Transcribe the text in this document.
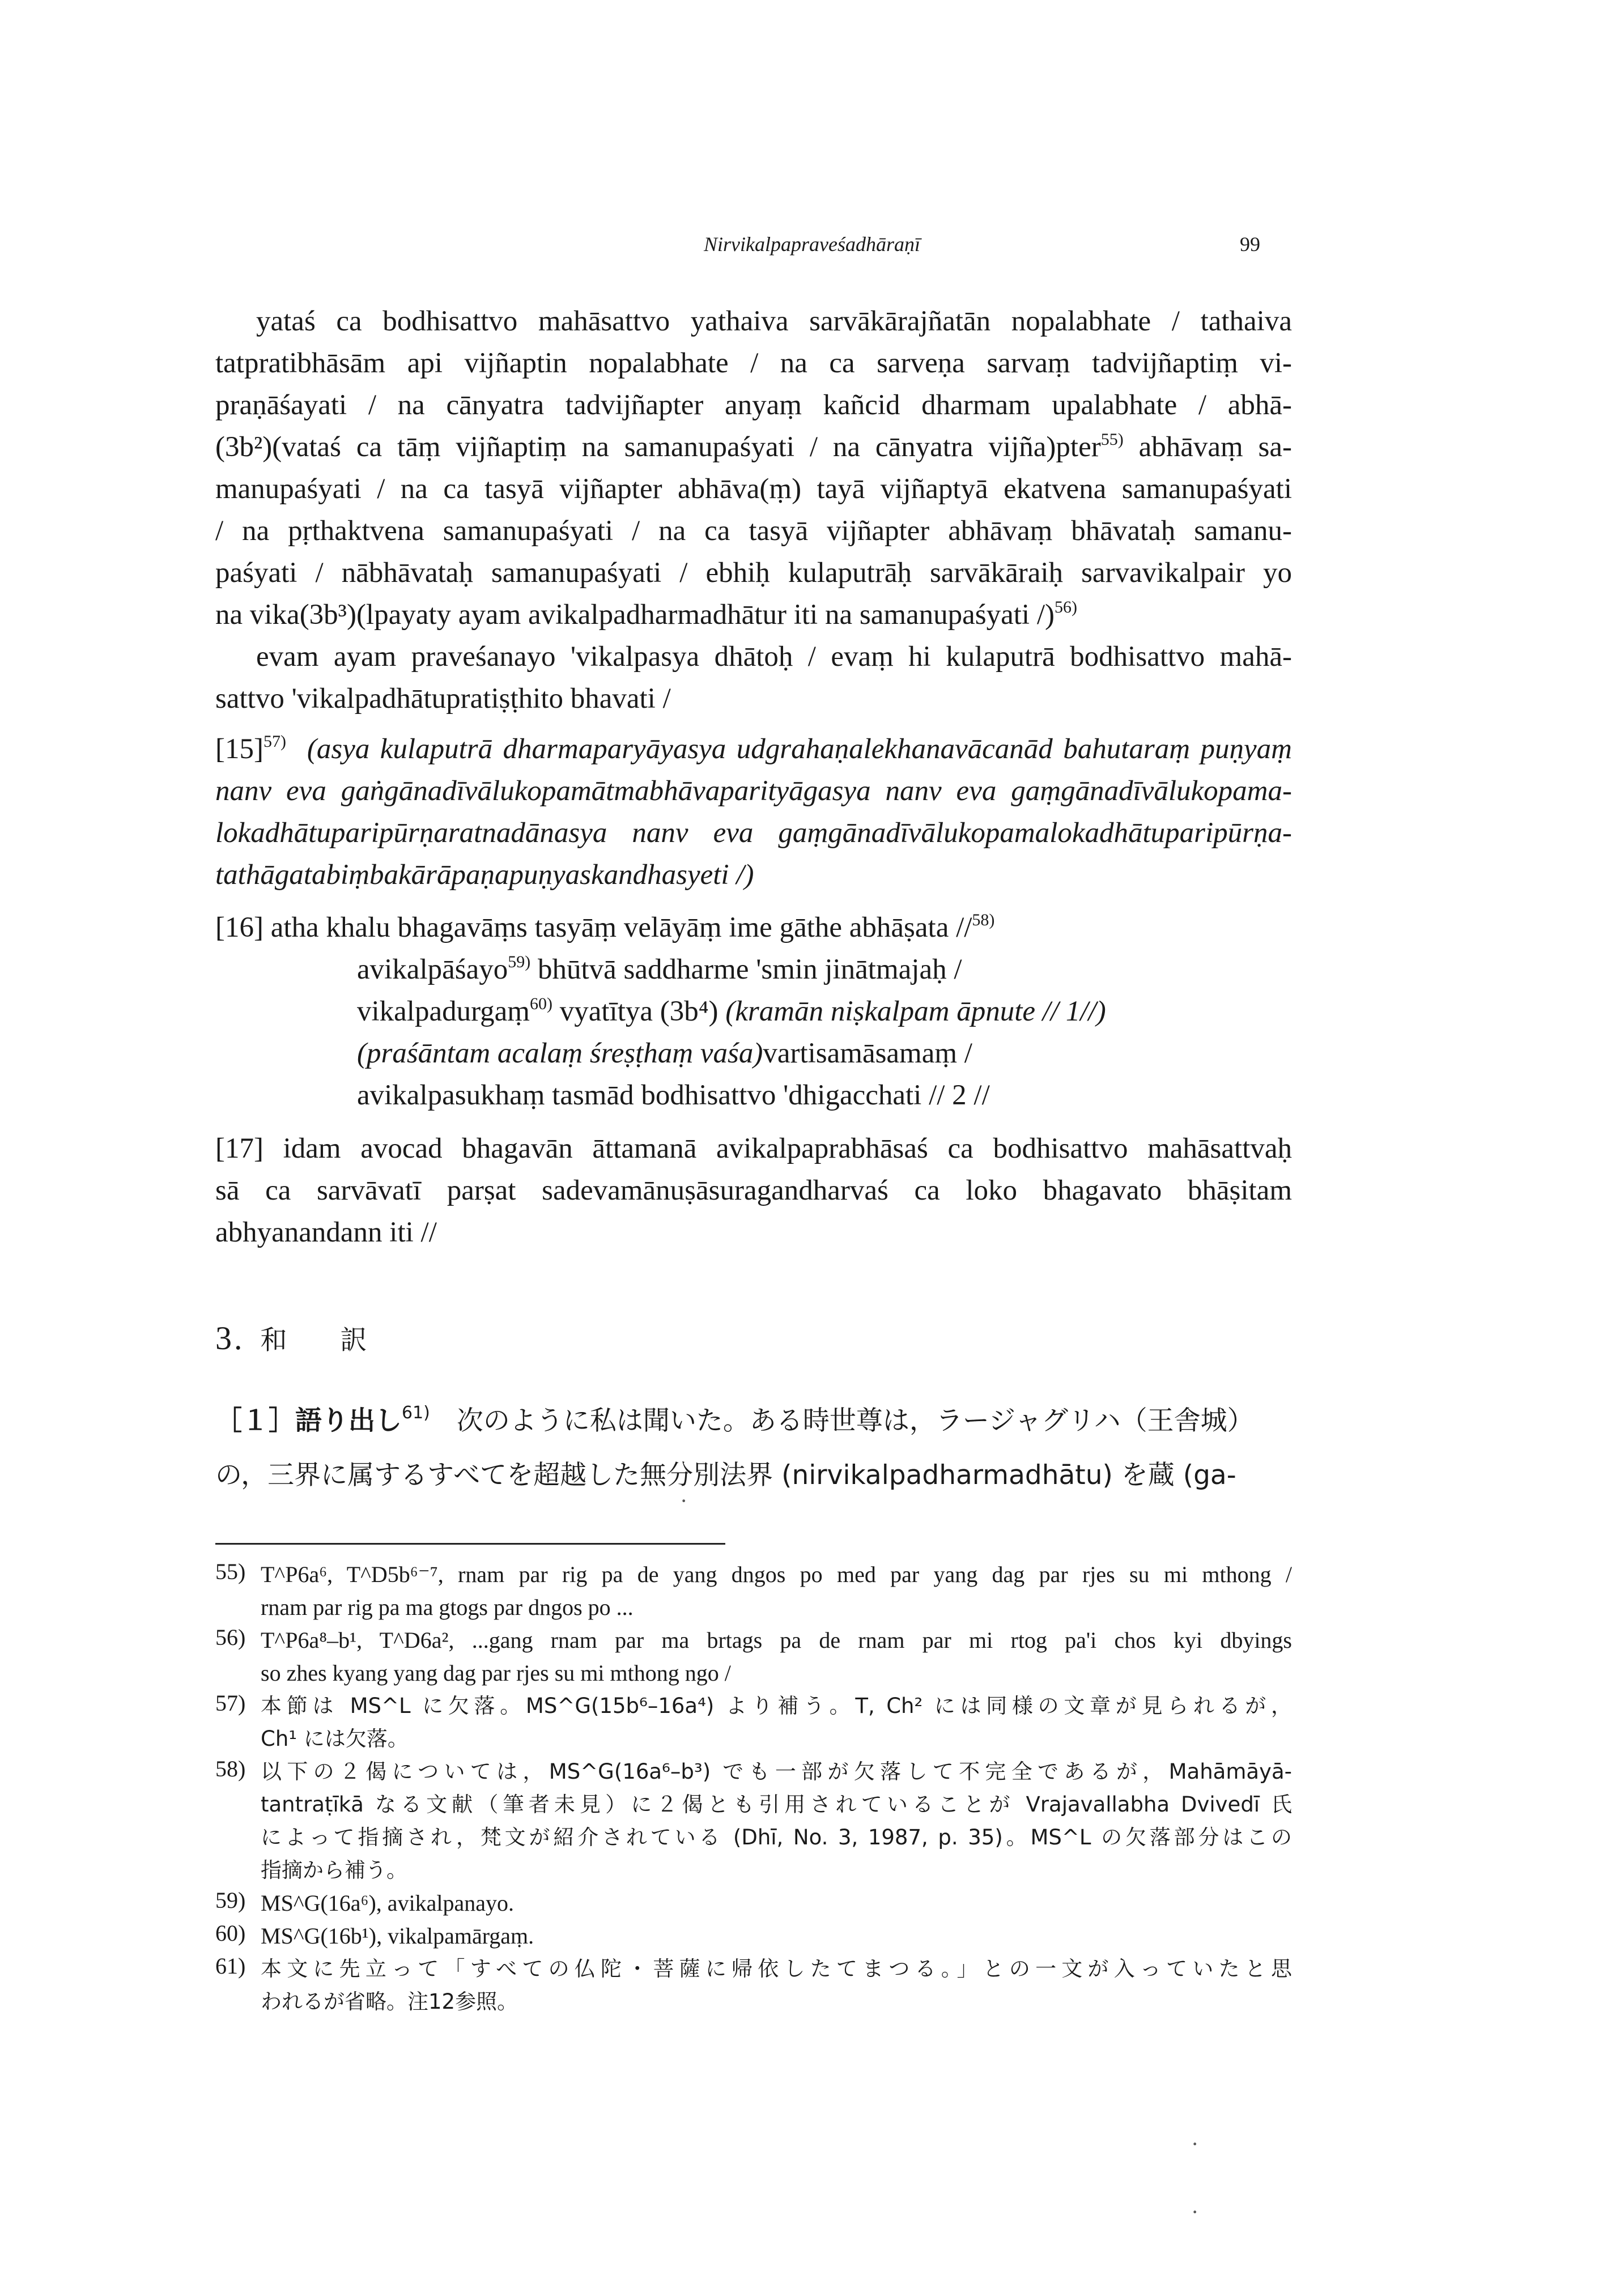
Nirvikalpapraveśadhāraṇī	99
yataś ca bodhisattvo mahāsattvo yathaiva sarvākārajñatān nopalabhate / tathaiva
tatpratibhāsām api vijñaptin nopalabhate / na ca sarveṇa sarvaṃ tadvijñaptiṃ vi-
praṇāśayati / na cānyatra tadvijñapter anyaṃ kañcid dharmam upalabhate / abhā-
(3b²)(vataś ca tāṃ vijñaptiṃ na samanupaśyati / na cānyatra vijña)pter$^{55)}$ abhāvaṃ sa-
manupaśyati / na ca tasyā vijñapter abhāva(ṃ) tayā vijñaptyā ekatvena samanupaśyati
/ na pṛthaktvena samanupaśyati / na ca tasyā vijñapter abhāvaṃ bhāvataḥ samanu-
paśyati / nābhāvataḥ samanupaśyati / ebhiḥ kulaputrāḥ sarvākāraiḥ sarvavikalpair yo
na vika(3b³)(lpayaty ayam avikalpadharmadhātur iti na samanupaśyati /)$^{56)}$
evam ayam praveśanayo 'vikalpasya dhātoḥ / evaṃ hi kulaputrā bodhisattvo mahā-
sattvo 'vikalpadhātupratiṣṭhito bhavati /
$[15]^{57)}$ (asya kulaputrā dharmaparyāyasya udgrahaṇalekhanavācanād bahutaraṃ puṇyaṃ
nanv eva gaṅgānadīvālukopamātmabhāvaparityāgasya nanv eva gaṃgānadīvālukopama-
lokadhātuparipūrṇaratnadānasya nanv eva gaṃgānadīvālukopamalokadhātuparipūrṇa-
tathāgatabiṃbakārāpaṇapuṇyaskandhasyeti /)
[16] atha khalu bhagavāṃs tasyāṃ velāyāṃ ime gāthe abhāṣata //$^{58)}$
avikalpāśayo$^{59)}$ bhūtvā saddharme 'smin jinātmajaḥ /
vikalpadurgaṃ$^{60)}$ vyatītya (3b⁴) (kramān niṣkalpam āpnute // 1//)
(praśāntam acalaṃ śreṣṭhaṃ vaśa)vartisamāsamaṃ /
avikalpasukhaṃ tasmād bodhisattvo 'dhigacchati // 2 //
[17] idam avocad bhagavān āttamanā avikalpaprabhāsaś ca bodhisattvo mahāsattvaḥ
sā ca sarvāvatī parṣat sadevamānuṣāsuragandharvaś ca loko bhagavato bhāṣitam
abhyanandann iti //
3. 和 訳
［１］語り出し$^{61)}$　次のように私は聞いた。ある時世尊は，ラージャグリハ（王舎城）
の，三界に属するすべてを超越した無分別法界 (nirvikalpadharmadhātu) を蔵 (ga-
·
55) T^P6a⁶, T^D5b⁶⁻⁷, rnam par rig pa de yang dngos po med par yang dag par rjes su mi mthong /
rnam par rig pa ma gtogs par dngos po ...
56) T^P6a⁸–b¹, T^D6a², ...gang rnam par ma brtags pa de rnam par mi rtog pa'i chos kyi dbyings
so zhes kyang yang dag par rjes su mi mthong ngo /
57) 本節は MS^L に欠落。MS^G(15b⁶–16a⁴) より補う。T, Ch² には同様の文章が見られるが，
Ch¹ には欠落。
58) 以下の２偈については，MS^G(16a⁶–b³) でも一部が欠落して不完全であるが，Mahāmāyā-
tantraṭīkā なる文献（筆者未見）に２偈とも引用されていることが Vrajavallabha Dvivedī 氏
によって指摘され，梵文が紹介されている (Dhī, No. 3, 1987, p. 35)。MS^L の欠落部分はこの
指摘から補う。
59) MS^G(16a⁶), avikalpanayo.
60) MS^G(16b¹), vikalpamārgaṃ.
61) 本文に先立って「すべての仏陀・菩薩に帰依したてまつる。」との一文が入っていたと思
われるが省略。注12参照。
·
·
